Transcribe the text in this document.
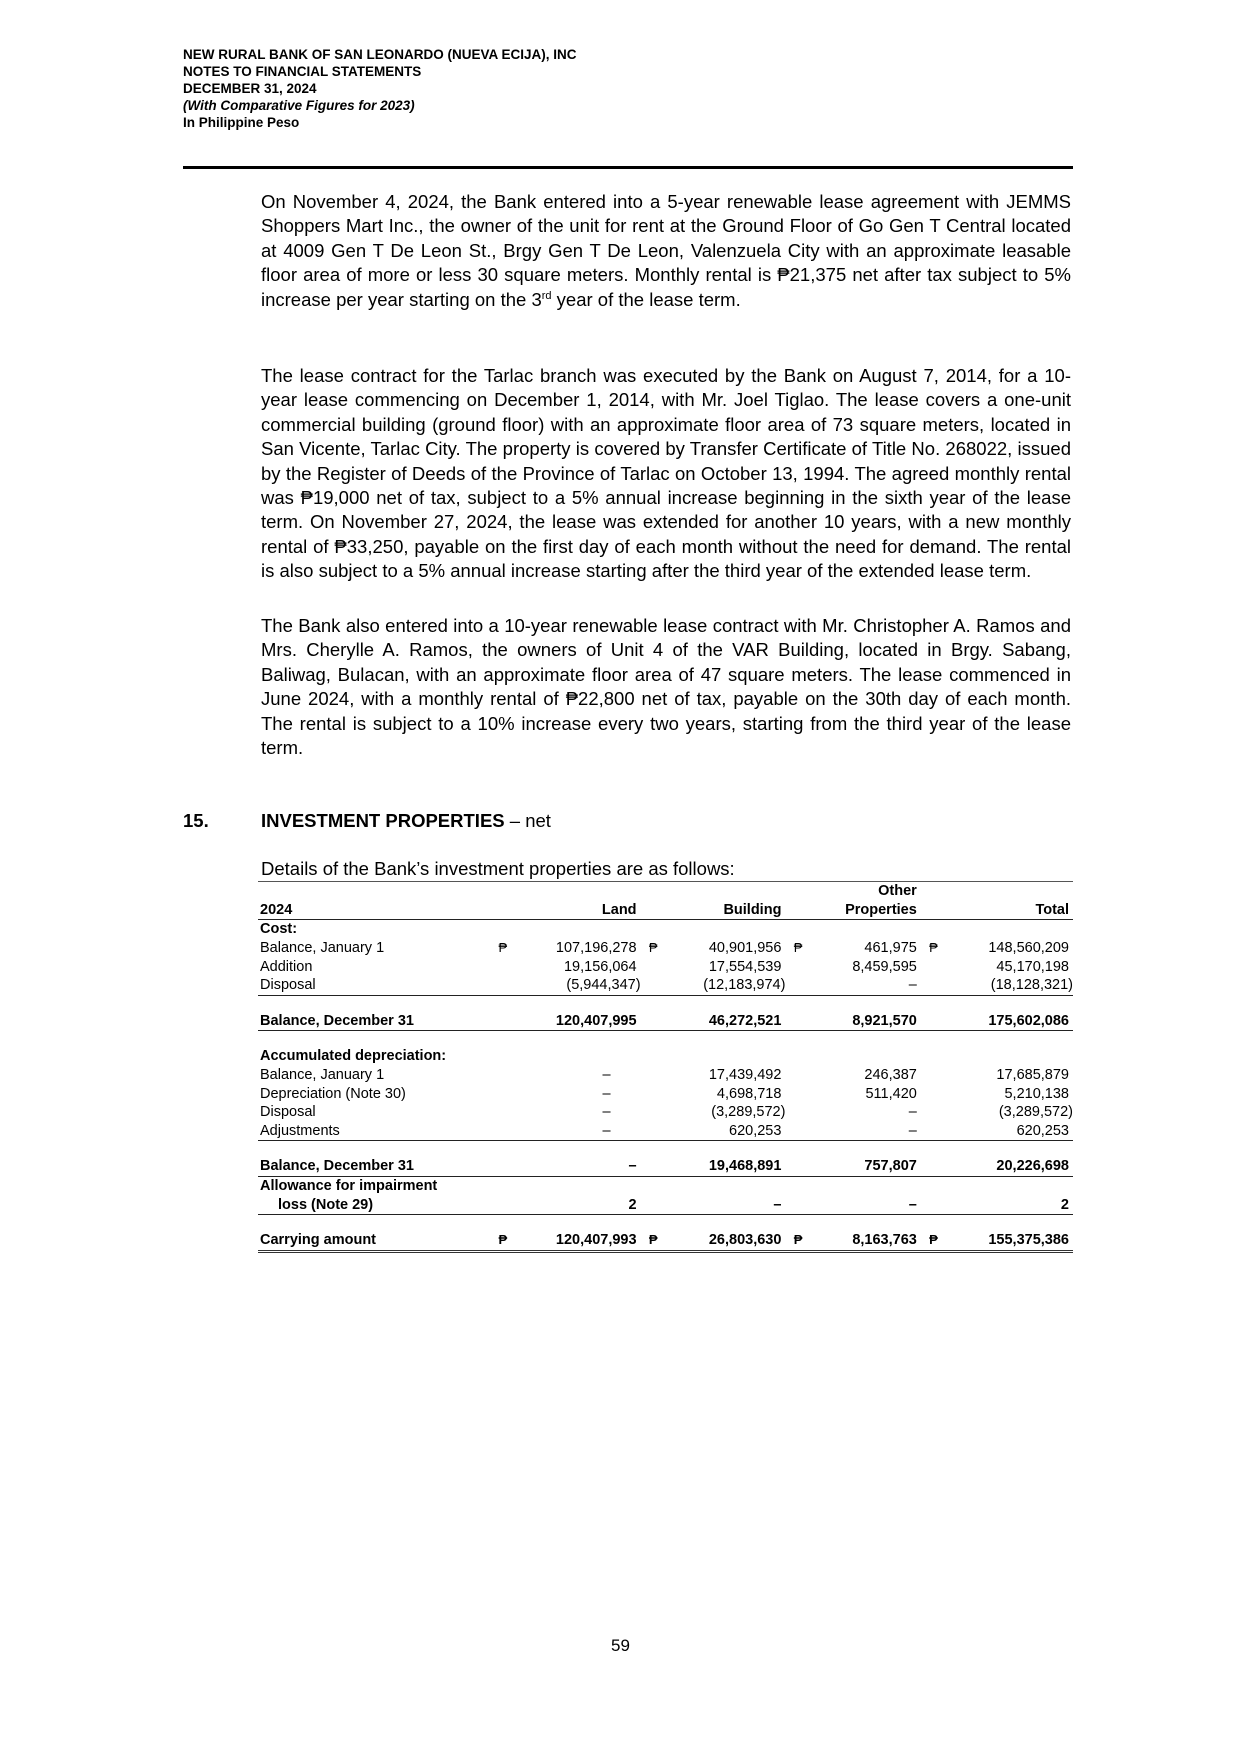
NEW RURAL BANK OF SAN LEONARDO (NUEVA ECIJA), INC
NOTES TO FINANCIAL STATEMENTS
DECEMBER 31, 2024
(With Comparative Figures for 2023)
In Philippine Peso
On November 4, 2024, the Bank entered into a 5-year renewable lease agreement with JEMMS Shoppers Mart Inc., the owner of the unit for rent at the Ground Floor of Go Gen T Central located at 4009 Gen T De Leon St., Brgy Gen T De Leon, Valenzuela City with an approximate leasable floor area of more or less 30 square meters. Monthly rental is ₱21,375 net after tax subject to 5% increase per year starting on the 3rd year of the lease term.
The lease contract for the Tarlac branch was executed by the Bank on August 7, 2014, for a 10-year lease commencing on December 1, 2014, with Mr. Joel Tiglao. The lease covers a one-unit commercial building (ground floor) with an approximate floor area of 73 square meters, located in San Vicente, Tarlac City. The property is covered by Transfer Certificate of Title No. 268022, issued by the Register of Deeds of the Province of Tarlac on October 13, 1994. The agreed monthly rental was ₱19,000 net of tax, subject to a 5% annual increase beginning in the sixth year of the lease term. On November 27, 2024, the lease was extended for another 10 years, with a new monthly rental of ₱33,250, payable on the first day of each month without the need for demand. The rental is also subject to a 5% annual increase starting after the third year of the extended lease term.
The Bank also entered into a 10-year renewable lease contract with Mr. Christopher A. Ramos and Mrs. Cherylle A. Ramos, the owners of Unit 4 of the VAR Building, located in Brgy. Sabang, Baliwag, Bulacan, with an approximate floor area of 47 square meters. The lease commenced in June 2024, with a monthly rental of ₱22,800 net of tax, payable on the 30th day of each month. The rental is subject to a 10% increase every two years, starting from the third year of the lease term.
15.	INVESTMENT PROPERTIES – net
Details of the Bank’s investment properties are as follows:
						Other		
2024		Land		Building		Properties		Total
Cost:								
Balance, January 1	₱	107,196,278	₱	40,901,956	₱	461,975	₱	148,560,209
Addition		19,156,064		17,554,539		8,459,595		45,170,198
Disposal		(5,944,347)		(12,183,974)		–		(18,128,321)

Balance, December 31		120,407,995		46,272,521		8,921,570		175,602,086

Accumulated depreciation:								
Balance, January 1		–		17,439,492		246,387		17,685,879
Depreciation (Note 30)		–		4,698,718		511,420		5,210,138
Disposal		–		(3,289,572)		–		(3,289,572)
Adjustments		–		620,253		–		620,253

Balance, December 31		–		19,468,891		757,807		20,226,698
Allowance for impairment								
loss (Note 29)		2		–		–		2

Carrying amount	₱	120,407,993	₱	26,803,630	₱	8,163,763	₱	155,375,386
59
